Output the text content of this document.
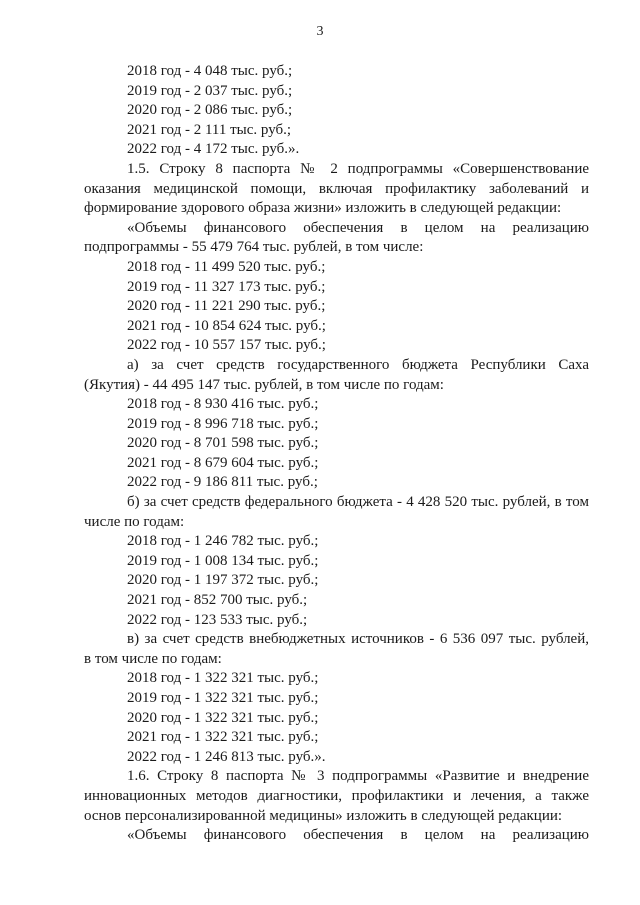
3
2018 год - 4 048 тыс. руб.;
2019 год - 2 037 тыс. руб.;
2020 год - 2 086 тыс. руб.;
2021 год - 2 111 тыс. руб.;
2022 год - 4 172 тыс. руб.».
1.5. Строку 8 паспорта № 2 подпрограммы «Совершенствование
оказания медицинской помощи, включая профилактику заболеваний и
формирование здорового образа жизни» изложить в следующей редакции:
«Объемы финансового обеспечения в целом на реализацию
подпрограммы - 55 479 764 тыс. рублей, в том числе:
2018 год - 11 499 520 тыс. руб.;
2019 год - 11 327 173 тыс. руб.;
2020 год - 11 221 290 тыс. руб.;
2021 год - 10 854 624 тыс. руб.;
2022 год - 10 557 157 тыс. руб.;
а) за счет средств государственного бюджета Республики Саха
(Якутия) - 44 495 147 тыс. рублей, в том числе по годам:
2018 год - 8 930 416 тыс. руб.;
2019 год - 8 996 718 тыс. руб.;
2020 год - 8 701 598 тыс. руб.;
2021 год - 8 679 604 тыс. руб.;
2022 год - 9 186 811 тыс. руб.;
б) за счет средств федерального бюджета - 4 428 520 тыс. рублей, в том
числе по годам:
2018 год - 1 246 782 тыс. руб.;
2019 год - 1 008 134 тыс. руб.;
2020 год - 1 197 372 тыс. руб.;
2021 год - 852 700 тыс. руб.;
2022 год - 123 533 тыс. руб.;
в) за счет средств внебюджетных источников - 6 536 097 тыс. рублей,
в том числе по годам:
2018 год - 1 322 321 тыс. руб.;
2019 год - 1 322 321 тыс. руб.;
2020 год - 1 322 321 тыс. руб.;
2021 год - 1 322 321 тыс. руб.;
2022 год - 1 246 813 тыс. руб.».
1.6. Строку 8 паспорта № 3 подпрограммы «Развитие и внедрение
инновационных методов диагностики, профилактики и лечения, а также
основ персонализированной медицины» изложить в следующей редакции:
«Объемы финансового обеспечения в целом на реализацию
